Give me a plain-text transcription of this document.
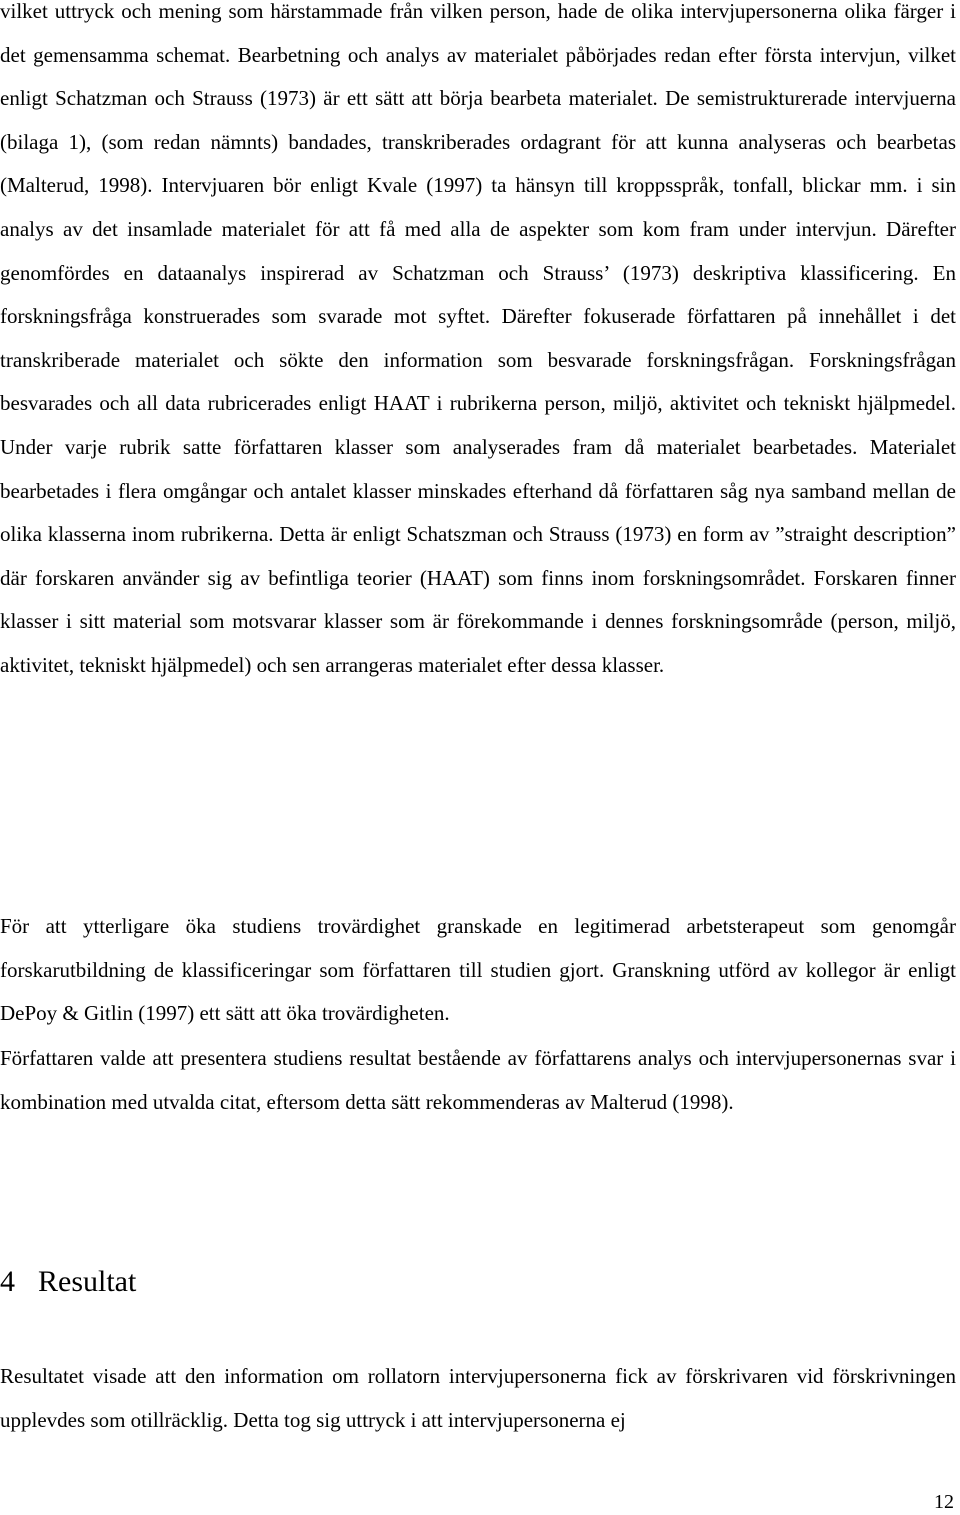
vilket uttryck och mening som härstammade från vilken person, hade de olika intervjupersonerna olika färger i det gemensamma schemat. Bearbetning och analys av materialet påbörjades redan efter första intervjun, vilket enligt Schatzman och Strauss (1973) är ett sätt att börja bearbeta materialet. De semistrukturerade intervjuerna (bilaga 1), (som redan nämnts) bandades, transkriberades ordagrant för att kunna analyseras och bearbetas (Malterud, 1998). Intervjuaren bör enligt Kvale (1997) ta hänsyn till kroppsspråk, tonfall, blickar mm. i sin analys av det insamlade materialet för att få med alla de aspekter som kom fram under intervjun. Därefter genomfördes en dataanalys inspirerad av Schatzman och Strauss’ (1973) deskriptiva klassificering. En forskningsfråga konstruerades som svarade mot syftet. Därefter fokuserade författaren på innehållet i det transkriberade materialet och sökte den information som besvarade forskningsfrågan. Forskningsfrågan besvarades och all data rubricerades enligt HAAT i rubrikerna person, miljö, aktivitet och tekniskt hjälpmedel. Under varje rubrik satte författaren klasser som analyserades fram då materialet bearbetades. Materialet bearbetades i flera omgångar och antalet klasser minskades efterhand då författaren såg nya samband mellan de olika klasserna inom rubrikerna. Detta är enligt Schatszman och Strauss (1973) en form av ”straight description” där forskaren använder sig av befintliga teorier (HAAT) som finns inom forskningsområdet. Forskaren finner klasser i sitt material som motsvarar klasser som är förekommande i dennes forskningsområde (person, miljö, aktivitet, tekniskt hjälpmedel) och sen arrangeras materialet efter dessa klasser.

För att ytterligare öka studiens trovärdighet granskade en legitimerad arbetsterapeut som genomgår forskarutbildning de klassificeringar som författaren till studien gjort. Granskning utförd av kollegor är enligt DePoy & Gitlin (1997) ett sätt att öka trovärdigheten.

Författaren valde att presentera studiens resultat bestående av författarens analys och intervjupersonernas svar i kombination med utvalda citat, eftersom detta sätt rekommenderas av Malterud (1998).

4 Resultat

Resultatet visade att den information om rollatorn intervjupersonerna fick av förskrivaren vid förskrivningen upplevdes som otillräcklig. Detta tog sig uttryck i att intervjupersonerna ej

12
